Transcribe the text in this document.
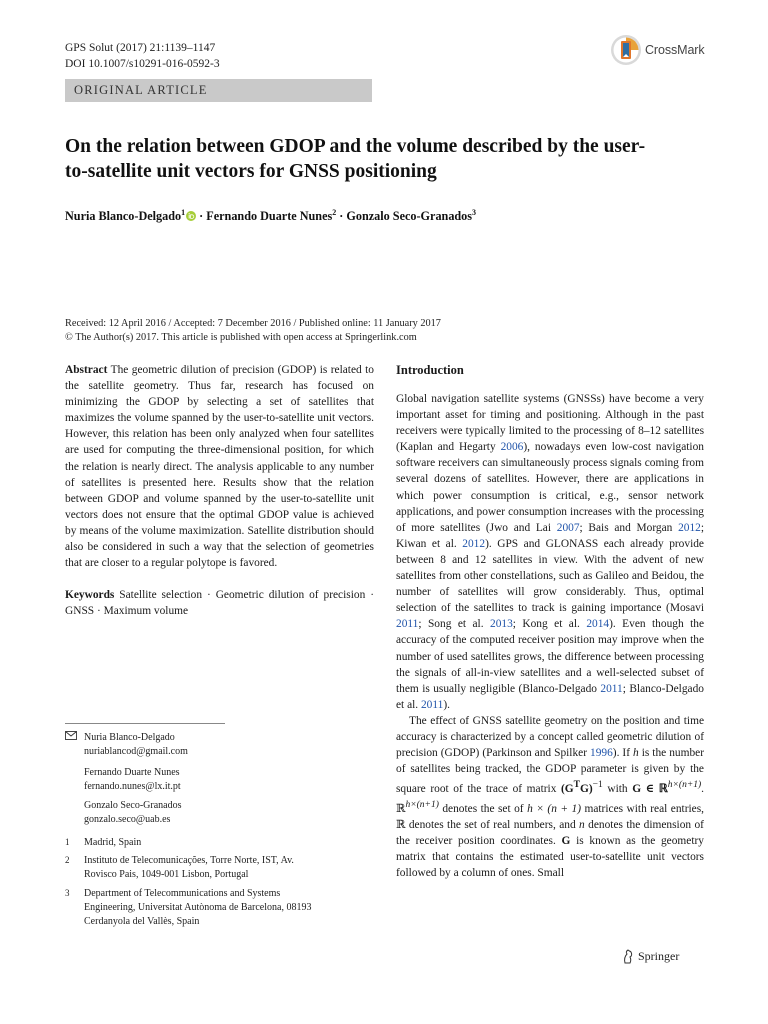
GPS Solut (2017) 21:1139–1147
DOI 10.1007/s10291-016-0592-3
CrossMark
ORIGINAL ARTICLE
On the relation between GDOP and the volume described by the user-to-satellite unit vectors for GNSS positioning
Nuria Blanco-Delgado$^1$ · Fernando Duarte Nunes$^2$ · Gonzalo Seco-Granados$^3$
Received: 12 April 2016 / Accepted: 7 December 2016 / Published online: 11 January 2017
© The Author(s) 2017. This article is published with open access at Springerlink.com

Abstract The geometric dilution of precision (GDOP) is related to the satellite geometry. Thus far, research has focused on minimizing the GDOP by selecting a set of satellites that maximizes the volume spanned by the user-to-satellite unit vectors. However, this relation has been only analyzed when four satellites are used for computing the three-dimensional position, for which the relation is nearly direct. The analysis applicable to any number of satellites is presented here. Results show that the relation between GDOP and volume spanned by the user-to-satellite unit vectors does not ensure that the optimal GDOP value is achieved by means of the volume maximization. Satellite distribution should also be considered in such a way that the selection of geometries that are closer to a regular polytope is favored.

Keywords Satellite selection · Geometric dilution of precision · GNSS · Maximum volume

Nuria Blanco-Delgado
nuriablancod@gmail.com
Fernando Duarte Nunes
fernando.nunes@lx.it.pt
Gonzalo Seco-Granados
gonzalo.seco@uab.es
1 Madrid, Spain
2 Instituto de Telecomunicações, Torre Norte, IST, Av. Rovisco Pais, 1049-001 Lisbon, Portugal
3 Department of Telecommunications and Systems Engineering, Universitat Autònoma de Barcelona, 08193 Cerdanyola del Vallès, Spain
Introduction

Global navigation satellite systems (GNSSs) have become a very important asset for timing and positioning. Although in the past receivers were typically limited to the processing of 8–12 satellites (Kaplan and Hegarty 2006), nowadays even low-cost navigation software receivers can simultaneously process signals coming from several dozens of satellites. However, there are applications in which power consumption is critical, e.g., sensor network applications, and power consumption increases with the processing of more satellites (Jwo and Lai 2007; Bais and Morgan 2012; Kiwan et al. 2012). GPS and GLONASS each already provide between 8 and 12 satellites in view. With the advent of new satellites from other constellations, such as Galileo and Beidou, the number of satellites will grow considerably. Thus, optimal selection of the satellites to track is gaining importance (Mosavi 2011; Song et al. 2013; Kong et al. 2014). Even though the accuracy of the computed receiver position may improve when the number of used satellites grows, the difference between processing the signals of all-in-view satellites and a well-selected subset of them is usually negligible (Blanco-Delgado 2011; Blanco-Delgado et al. 2011).

The effect of GNSS satellite geometry on the position and time accuracy is characterized by a concept called geometric dilution of precision (GDOP) (Parkinson and Spilker 1996). If h is the number of satellites being tracked, the GDOP parameter is given by the square root of the trace of matrix $(G^TG)^{-1}$ with G ∈ ℝ$^{h\times(n+1)}$. ℝ$^{h\times(n+1)}$ denotes the set of h × (n + 1) matrices with real entries, ℝ denotes the set of real numbers, and n denotes the dimension of the receiver position coordinates. G is known as the geometry matrix that contains the estimated user-to-satellite unit vectors followed by a column of ones. Small

Springer
